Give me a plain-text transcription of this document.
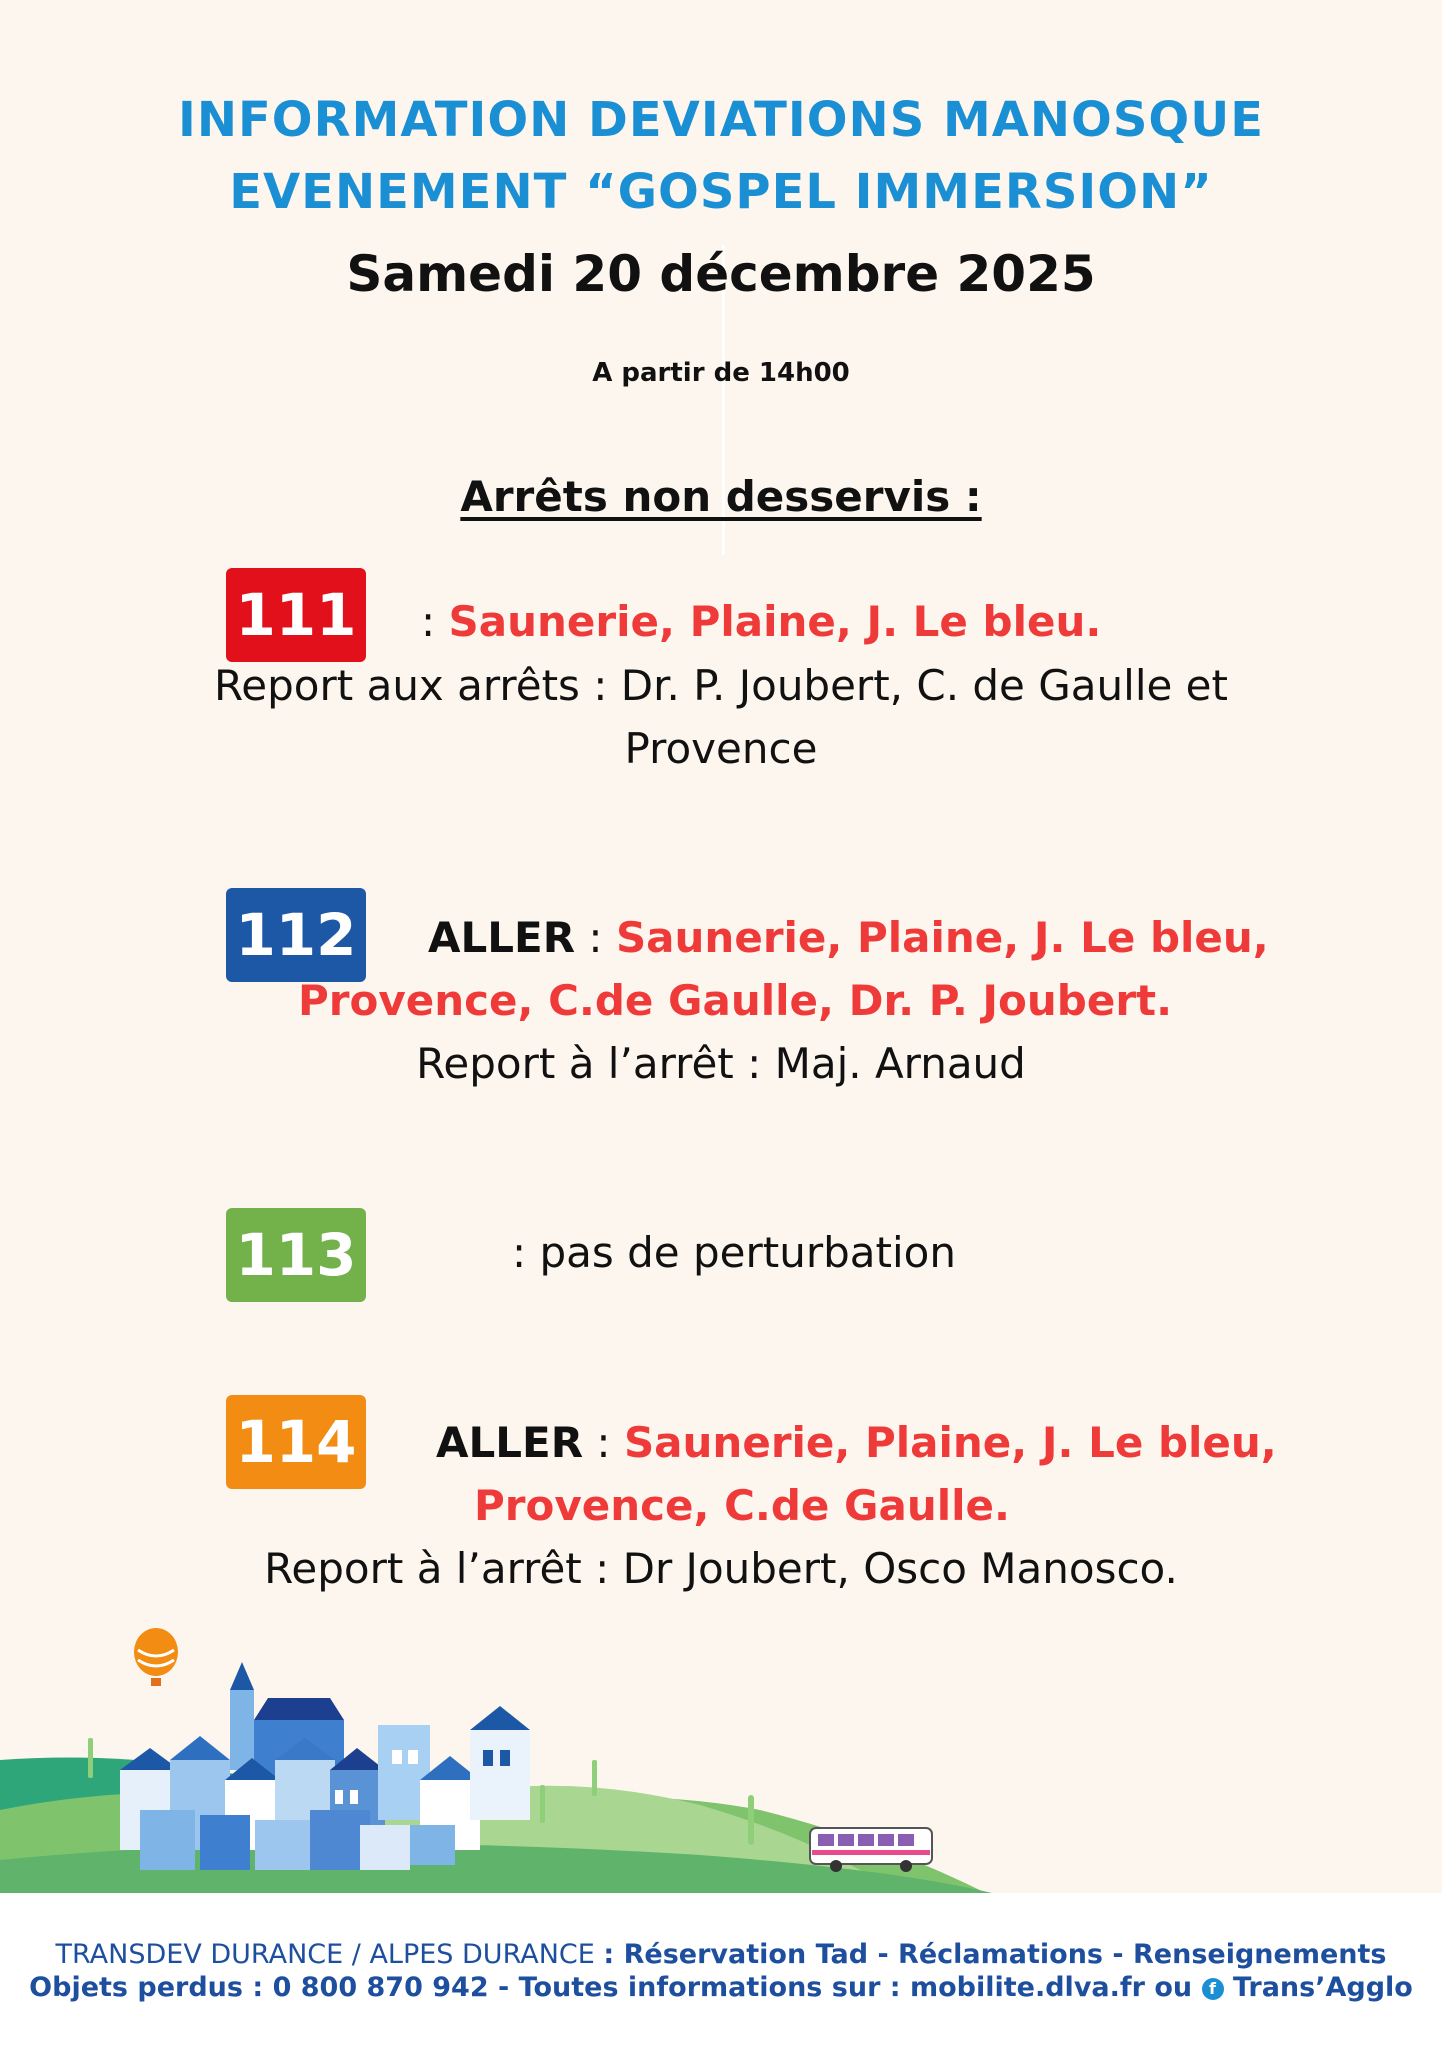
INFORMATION DEVIATIONS MANOSQUE
EVENEMENT “GOSPEL IMMERSION”
Samedi 20 décembre 2025
A partir de 14h00
Arrêts non desservis :
111 : Saunerie, Plaine, J. Le bleu.
Report aux arrêts : Dr. P. Joubert, C. de Gaulle et
Provence
112 ALLER : Saunerie, Plaine, J. Le bleu,
Provence, C.de Gaulle, Dr. P. Joubert.
Report à l’arrêt : Maj. Arnaud
113	: pas de perturbation
114 ALLER : Saunerie, Plaine, J. Le bleu,
Provence, C.de Gaulle.
Report à l’arrêt : Dr Joubert, Osco Manosco.
TRANSDEV DURANCE / ALPES DURANCE : Réservation Tad - Réclamations - Renseignements
Objets perdus : 0 800 870 942 - Toutes informations sur : mobilite.dlva.fr ou f Trans’Agglo
